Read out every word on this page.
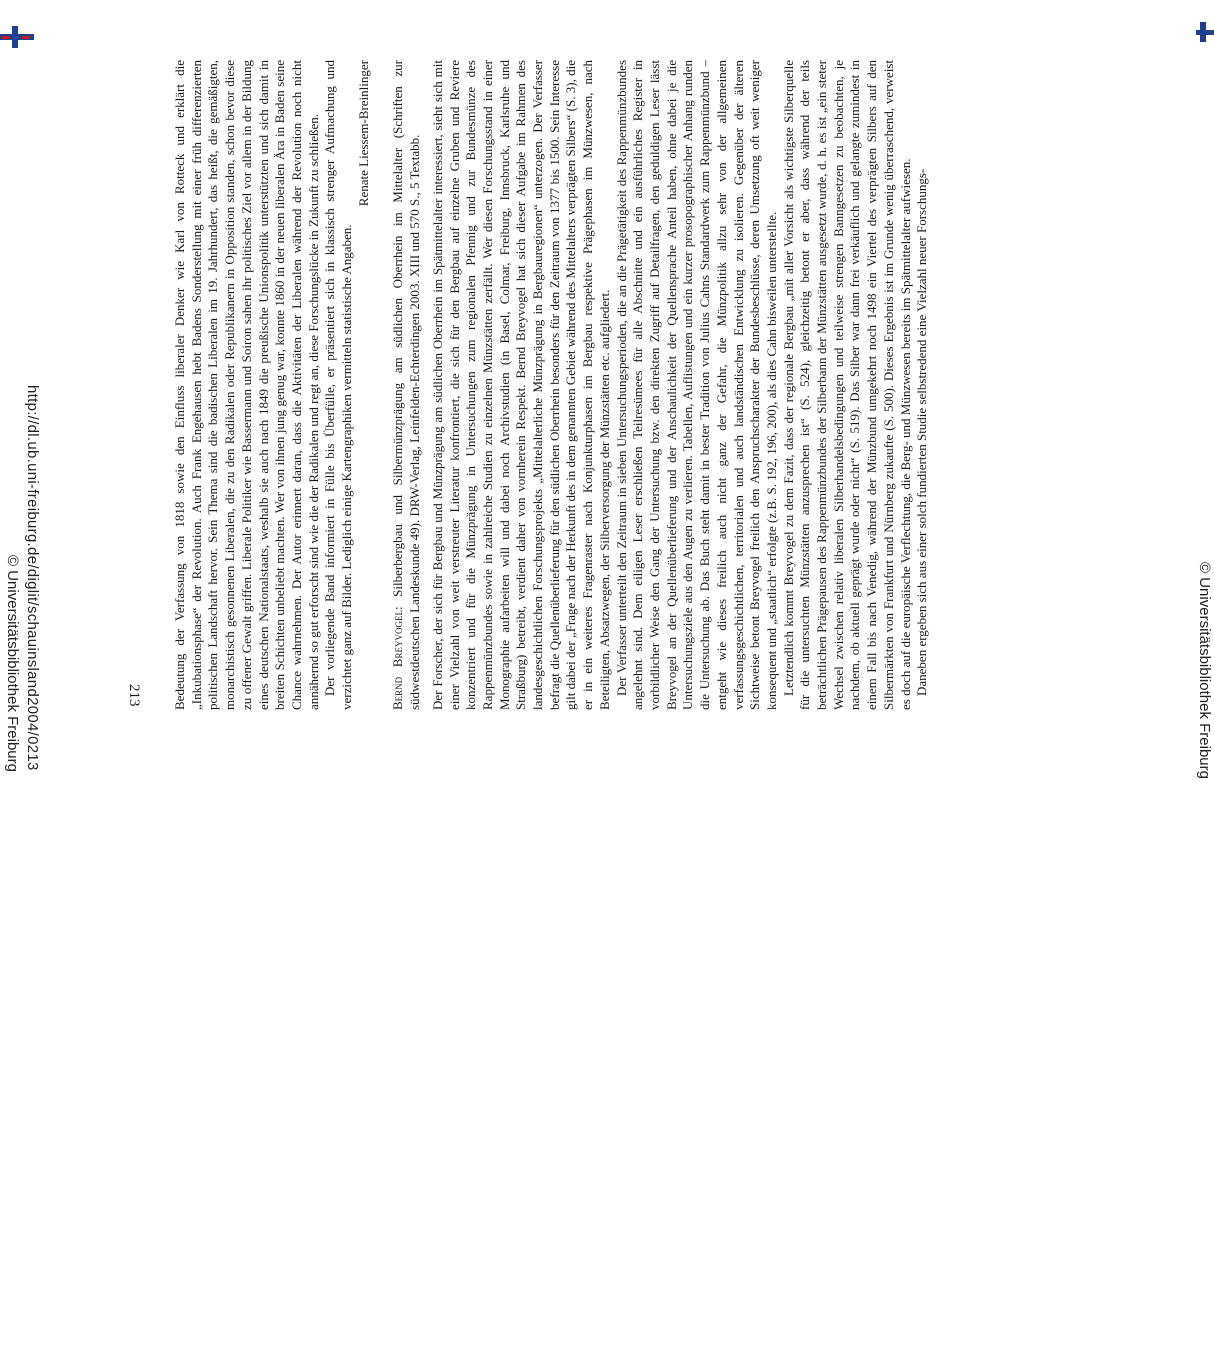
http://dl.ub.uni-freiburg.de/diglit/schauinsland2004/0213
© Universitätsbibliothek Freiburg	© Universitätsbibliothek Freiburg
213 Bedeutung der Verfassung von 1818 sowie den Einfluss liberaler Denker wie Karl von Rotteck und erklärt die „Inkubationsphase“ der Revolution. Auch Frank Engehausen hebt Badens Sonderstellung mit einer früh differenzierten politischen Landschaft hervor. Sein Thema sind die badischen Liberalen im 19. Jahrhundert, das heißt, die gemäßigten, monarchistisch gesonnenen Liberalen, die zu den Radikalen oder Republikanern in Opposition standen, schon bevor diese zu offener Gewalt griffen. Liberale Politiker wie Bassermann und Soiron sahen ihr politisches Ziel vor allem in der Bildung eines deutschen Nationalstaats, weshalb sie auch nach 1849 die preußische Unionspolitik unterstützten und sich damit in breiten Schichten unbeliebt machten. Wer von ihnen jung genug war, konnte 1860 in der neuen liberalen Ära in Baden seine Chance wahrnehmen. Der Autor erinnert daran, dass die Aktivitäten der Liberalen während der Revolution noch nicht annähernd so gut erforscht sind wie die der Radikalen und regt an, diese Forschungslücke in Zukunft zu schließen. Der vorliegende Band informiert in Fülle bis Überfülle, er präsentiert sich in klassisch strenger Aufmachung und verzichtet ganz auf Bilder. Lediglich einige Kartengraphiken vermitteln statistische Angaben.

Renate Liessem-Breinlinger

Bernd Breyvogel: Silberbergbau und Silbermünzprägung am südlichen Oberrhein im Mittelalter (Schriften zur südwestdeutschen Landeskunde 49). DRW-Verlag, Leinfelden-Echterdingen 2003. XIII und 570 S., 5 Textabb. Der Forscher, der sich für Bergbau und Münzprägung am südlichen Oberrhein im Spätmittelalter interessiert, sieht sich mit einer Vielzahl von weit verstreuter Literatur konfrontiert, die sich für den Bergbau auf einzelne Gruben und Reviere konzentriert und für die Münzprägung in Untersuchungen zum regionalen Pfennig und zur Bundesmünze des Rappenmünzbundes sowie in zahlreiche Studien zu einzelnen Münzstätten zerfällt. Wer diesen Forschungsstand in einer Monographie aufarbeiten will und dabei noch Archivstudien (in Basel, Colmar, Freiburg, Innsbruck, Karlsruhe und Straßburg) betreibt, verdient daher von vornherein Respekt. Bernd Breyvogel hat sich dieser Aufgabe im Rahmen des landesgeschichtlichen Forschungsprojekts „Mittelalterliche Münzprägung in Bergbauregionen“ unterzogen. Der Verfasser befragt die Quellenüberlieferung für den südlichen Oberrhein besonders für den Zeitraum von 1377 bis 1500. Sein Interesse gilt dabei der „Frage nach der Herkunft des in dem genannten Gebiet während des Mittelalters verprägten Silbers“ (S. 3), die er in ein weiteres Fragenraster nach Konjunkturphasen im Bergbau respektive Prägephasen im Münzwesen, nach Beteiligten, Absatzwegen, der Silberversorgung der Münzstätten etc. aufgliedert. Der Verfasser unterteilt den Zeitraum in sieben Untersuchungsperioden, die an die Prägetätigkeit des Rappenmünzbundes angelehnt sind. Dem eiligen Leser erschließen Teilresümees für alle Abschnitte und ein ausführliches Register in vorbildlicher Weise den Gang der Untersuchung bzw. den direkten Zugriff auf Detailfragen, den geduldigen Leser lässt Breyvogel an der Quellenüberlieferung und der Anschaulichkeit der Quellensprache Anteil haben, ohne dabei je die Untersuchungsziele aus den Augen zu verlieren. Tabellen, Auflistungen und ein kurzer prosopographischer Anhang runden die Untersuchung ab. Das Buch steht damit in bester Tradition von Julius Cahns Standardwerk zum Rappenmünzbund – entgeht wie dieses freilich auch nicht ganz der Gefahr, die Münzpolitik allzu sehr von der allgemeinen verfassungsgeschichtlichen, territorialen und auch landständischen Entwicklung zu isolieren. Gegenüber der älteren Sichtweise betont Breyvogel freilich den Anspruchscharakter der Bundesbeschlüsse, deren Umsetzung oft weit weniger konsequent und „staatlich“ erfolgte (z.B. S. 192, 196, 200), als dies Cahn bisweilen unterstellte. Letztendlich kommt Breyvogel zu dem Fazit, dass der regionale Bergbau „mit aller Vorsicht als wichtigste Silberquelle für die untersuchten Münzstätten anzusprechen ist“ (S. 524), gleichzeitig betont er aber, dass während der teils beträchtlichen Prägepausen des Rappenmünzbundes der Silberbann der Münzstätten ausgesetzt wurde, d. h. es ist „ein steter Wechsel zwischen relativ liberalen Silberhandelsbedingungen und teilweise strengen Banngesetzen zu beobachten, je nachdem, ob aktuell geprägt wurde oder nicht“ (S. 519). Das Silber war dann frei verkäuflich und gelangte zumindest in einem Fall bis nach Venedig, während der Münzbund umgekehrt noch 1498 ein Viertel des verprägten Silbers auf den Silbermärkten von Frankfurt und Nürnberg zukaufte (S. 500). Dieses Ergebnis ist im Grunde wenig überraschend, verweist es doch auf die europäische Verflechtung, die Berg- und Münzwesen bereits im Spätmittelalter aufwiesen. Daneben ergeben sich aus einer solch fundierten Studie selbstredend eine Vielzahl neuer Forschungs-
